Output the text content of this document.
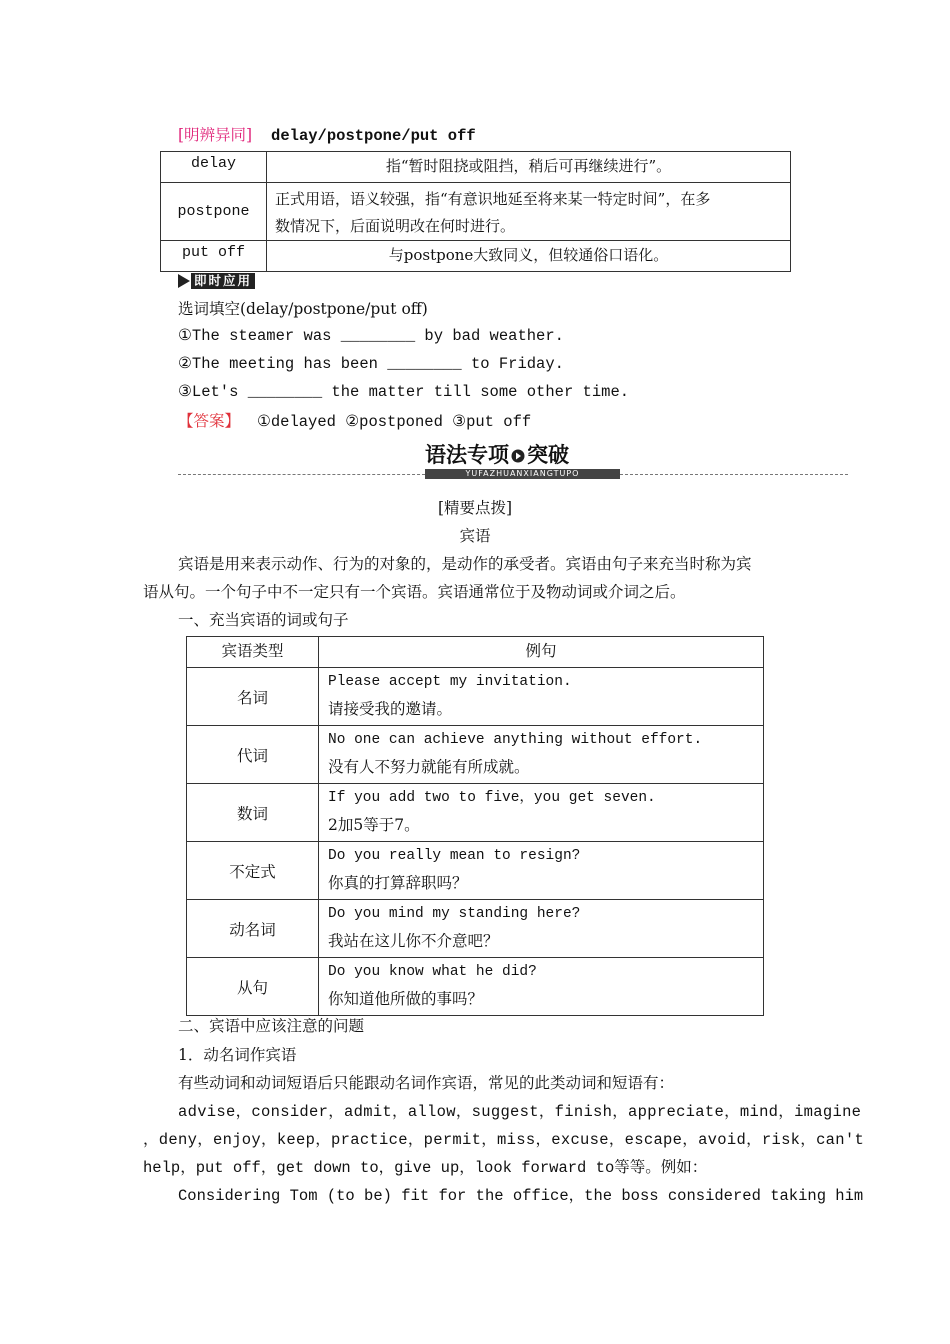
[明辨异同] delay/postpone/put off
delay	指“暂时阻挠或阻挡，稍后可再继续进行”。
postpone	正式用语，语义较强，指“有意识地延至将来某一特定时间”，在多
数情况下，后面说明改在何时进行。

put off	与postpone大致同义，但较通俗口语化。
即时应用
选词填空(delay/postpone/put off)
①The steamer was ________ by bad weather.
②The meeting has been ________ to Friday.
③Let's ________ the matter till some other time.
【答案】 ①delayed ②postponed ③put off
语法专项 突破
YUFAZHUANXIANGTUPO
[精要点拨]
宾语
宾语是用来表示动作、行为的对象的，是动作的承受者。宾语由句子来充当时称为宾
语从句。一个句子中不一定只有一个宾语。宾语通常位于及物动词或介词之后。
一、充当宾语的词或句子
宾语类型	例句
名词	Please accept my invitation.
请接受我的邀请。

代词	No one can achieve anything without effort.
没有人不努力就能有所成就。

数词	If you add two to five，you get seven.
2加5等于7。

不定式	Do you really mean to resign?
你真的打算辞职吗？

动名词	Do you mind my standing here?
我站在这儿你不介意吧？

从句	Do you know what he did?
你知道他所做的事吗？
二、宾语中应该注意的问题
1．动名词作宾语
有些动词和动词短语后只能跟动名词作宾语，常见的此类动词和短语有：
advise，consider，admit，allow，suggest，finish，appreciate，mind，imagine
，deny，enjoy，keep，practice，permit，miss，excuse，escape，avoid，risk，can't
help，put off，get down to，give up，look forward to等等。例如：
Considering Tom (to be) fit for the office，the boss considered taking him
